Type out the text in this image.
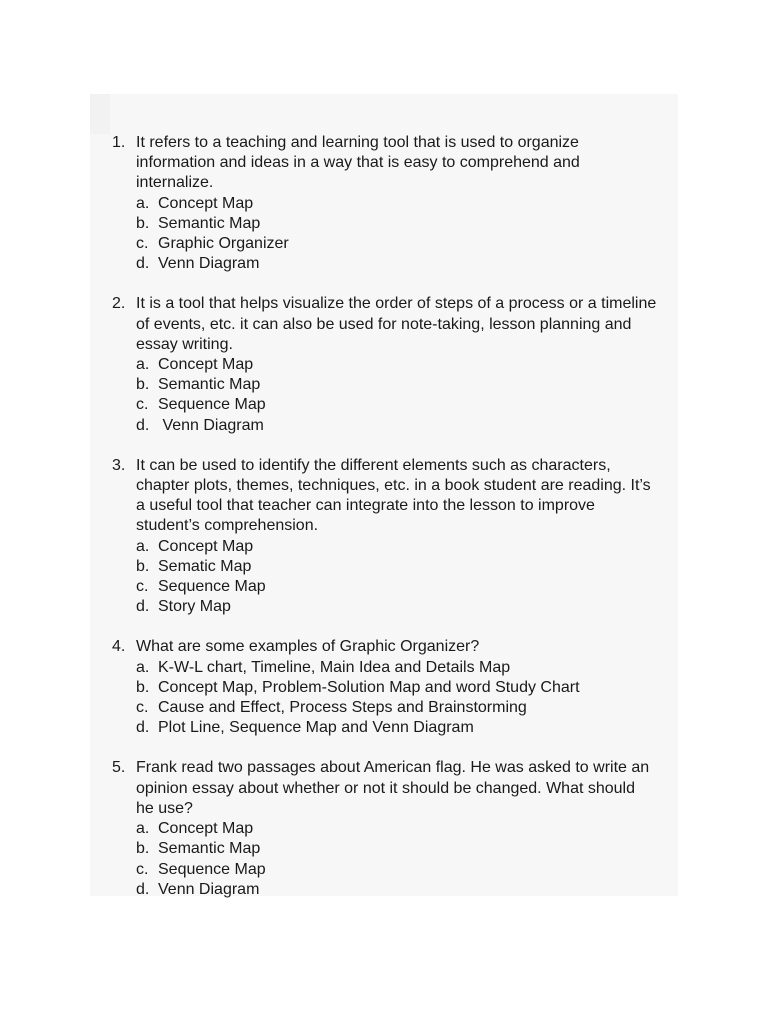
1. It refers to a teaching and learning tool that is used to organize
information and ideas in a way that is easy to comprehend and
internalize.
a. Concept Map
b. Semantic Map
c. Graphic Organizer
d. Venn Diagram
2. It is a tool that helps visualize the order of steps of a process or a timeline
of events, etc. it can also be used for note-taking, lesson planning and
essay writing.
a. Concept Map
b. Semantic Map
c. Sequence Map
d. Venn Diagram
3. It can be used to identify the different elements such as characters,
chapter plots, themes, techniques, etc. in a book student are reading. It’s
a useful tool that teacher can integrate into the lesson to improve
student’s comprehension.
a. Concept Map
b. Sematic Map
c. Sequence Map
d. Story Map
4. What are some examples of Graphic Organizer?
a. K-W-L chart, Timeline, Main Idea and Details Map
b. Concept Map, Problem-Solution Map and word Study Chart
c. Cause and Effect, Process Steps and Brainstorming
d. Plot Line, Sequence Map and Venn Diagram
5. Frank read two passages about American flag. He was asked to write an
opinion essay about whether or not it should be changed. What should
he use?
a. Concept Map
b. Semantic Map
c. Sequence Map
d. Venn Diagram
